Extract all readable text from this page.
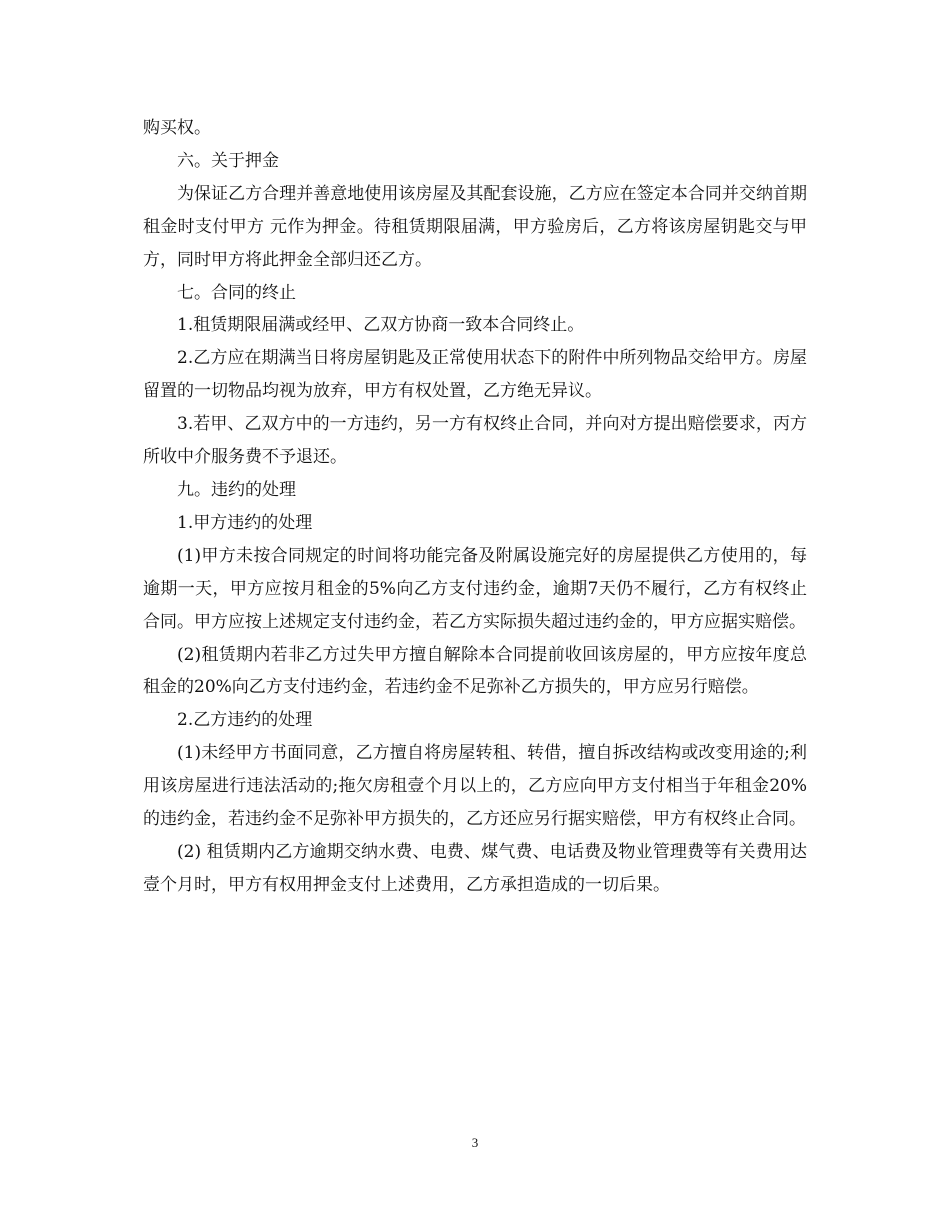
购买权。

六。关于押金

为保证乙方合理并善意地使用该房屋及其配套设施，乙方应在签定本合同并交纳首期租金时支付甲方 元作为押金。待租赁期限届满，甲方验房后，乙方将该房屋钥匙交与甲方，同时甲方将此押金全部归还乙方。

七。合同的终止

1.租赁期限届满或经甲、乙双方协商一致本合同终止。

2.乙方应在期满当日将房屋钥匙及正常使用状态下的附件中所列物品交给甲方。房屋留置的一切物品均视为放弃，甲方有权处置，乙方绝无异议。

3.若甲、乙双方中的一方违约，另一方有权终止合同，并向对方提出赔偿要求，丙方所收中介服务费不予退还。

九。违约的处理

1.甲方违约的处理

(1)甲方未按合同规定的时间将功能完备及附属设施完好的房屋提供乙方使用的，每逾期一天，甲方应按月租金的5%向乙方支付违约金，逾期7天仍不履行，乙方有权终止合同。甲方应按上述规定支付违约金，若乙方实际损失超过违约金的，甲方应据实赔偿。

(2)租赁期内若非乙方过失甲方擅自解除本合同提前收回该房屋的，甲方应按年度总租金的20%向乙方支付违约金，若违约金不足弥补乙方损失的，甲方应另行赔偿。

2.乙方违约的处理

(1)未经甲方书面同意，乙方擅自将房屋转租、转借，擅自拆改结构或改变用途的;利用该房屋进行违法活动的;拖欠房租壹个月以上的，乙方应向甲方支付相当于年租金20%的违约金，若违约金不足弥补甲方损失的，乙方还应另行据实赔偿，甲方有权终止合同。

(2) 租赁期内乙方逾期交纳水费、电费、煤气费、电话费及物业管理费等有关费用达壹个月时，甲方有权用押金支付上述费用，乙方承担造成的一切后果。

3
